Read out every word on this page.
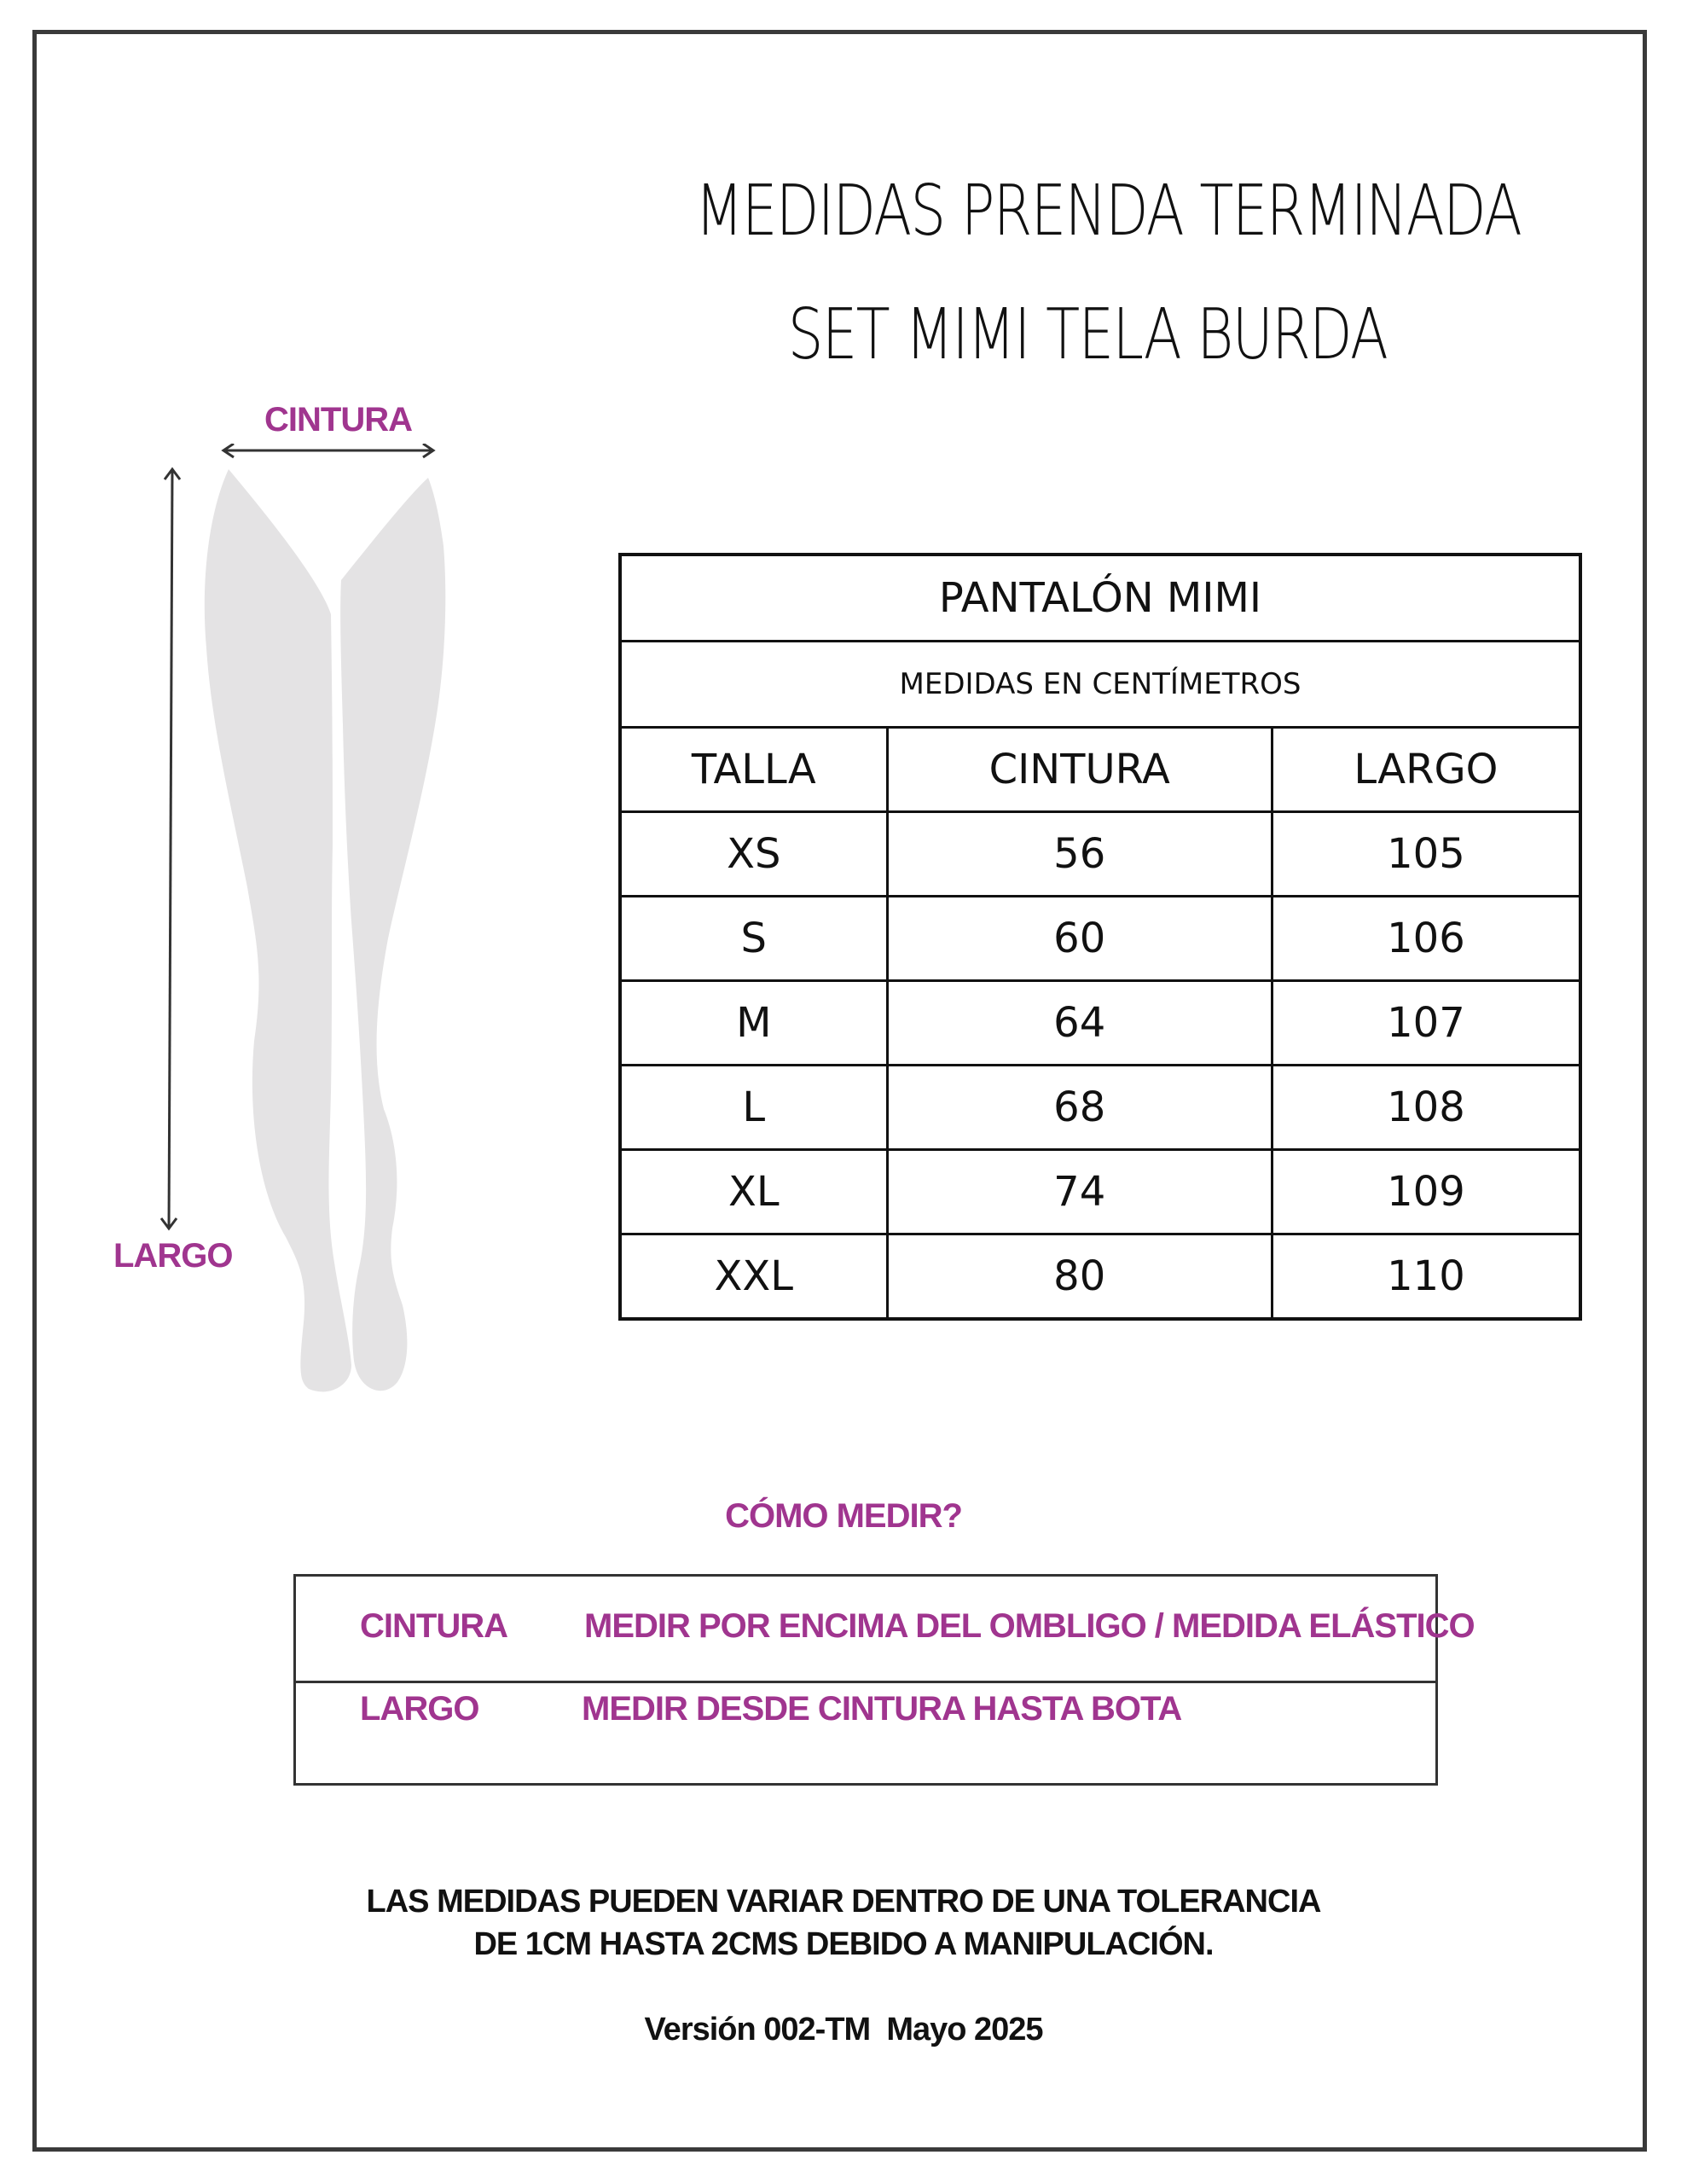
MEDIDAS PRENDA TERMINADA
SET MIMI TELA BURDA
CINTURA
LARGO
PANTALÓN MIMI		
MEDIDAS EN CENTÍMETROS		
TALLA	CINTURA	LARGO
XS	56	105
S	60	106
M	64	107
L	68	108
XL	74	109
XXL	80	110
CÓMO MEDIR?
CINTURA MEDIR POR ENCIMA DEL OMBLIGO / MEDIDA ELÁSTICO
LARGO	MEDIR DESDE CINTURA HASTA BOTA
LAS MEDIDAS PUEDEN VARIAR DENTRO DE UNA TOLERANCIA
DE 1CM HASTA 2CMS DEBIDO A MANIPULACIÓN.
Versión 002-TM  Mayo 2025
